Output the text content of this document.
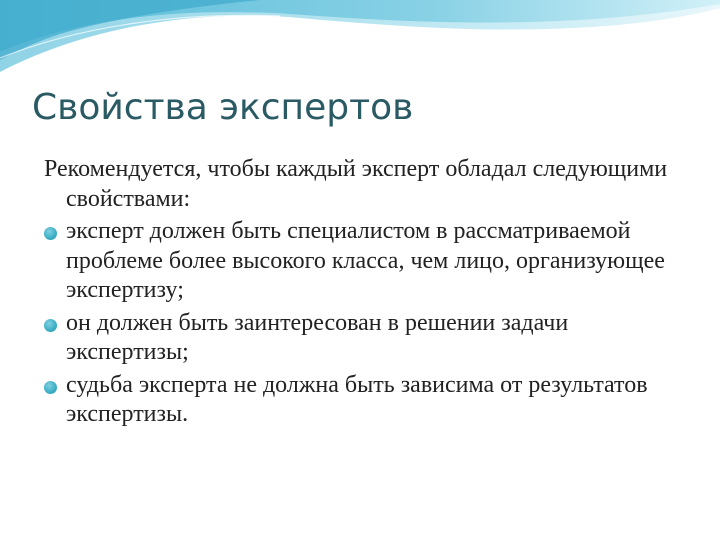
Свойства экспертов

Рекомендуется, чтобы каждый эксперт обладал следующими свойствами:

эксперт должен быть специалистом в рассматриваемой проблеме более высокого класса, чем лицо, организующее экспертизу;
он должен быть заинтересован в решении задачи экспертизы;
судьба эксперта не должна быть зависима от результатов экспертизы.
